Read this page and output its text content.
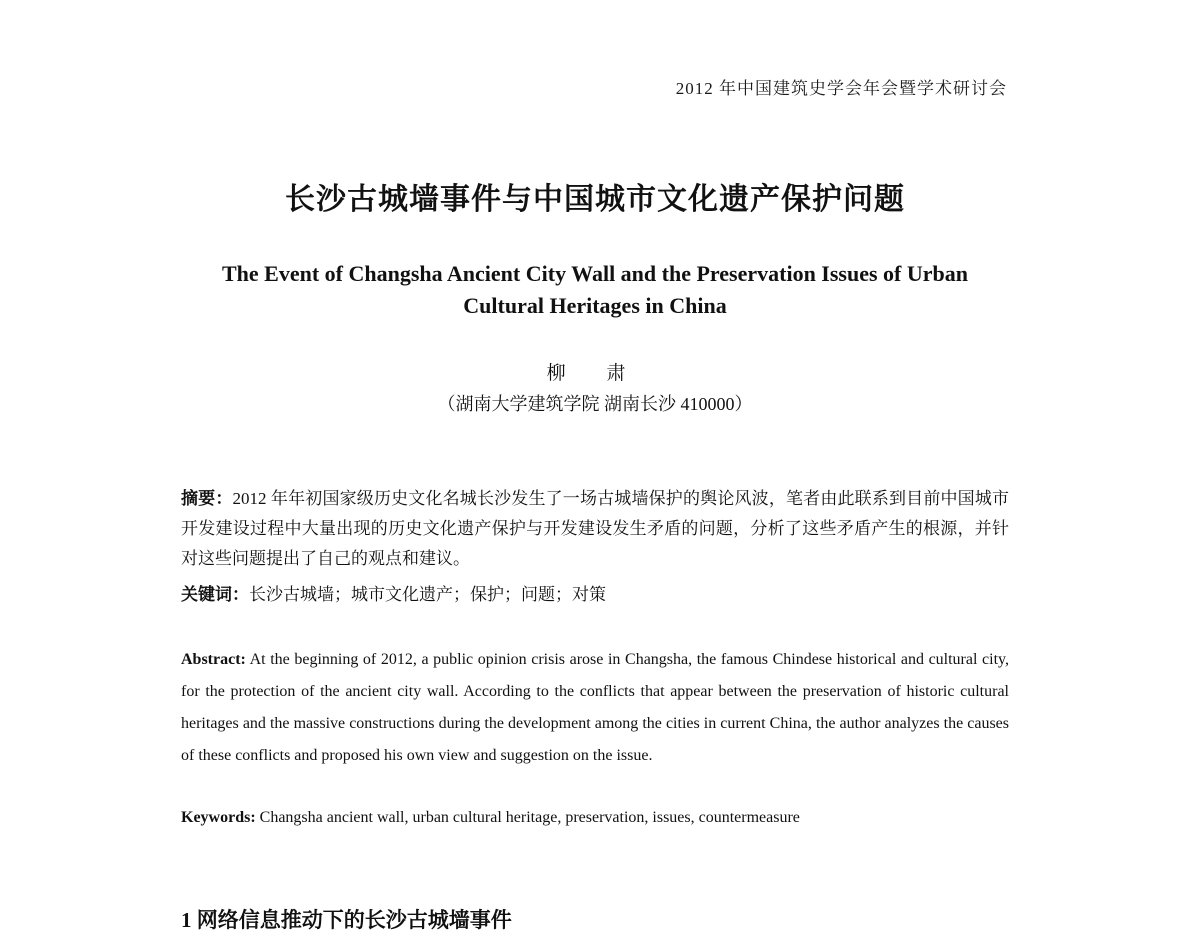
2012 年中国建筑史学会年会暨学术研讨会
长沙古城墙事件与中国城市文化遗产保护问题
The Event of Changsha Ancient City Wall and the Preservation Issues of Urban
Cultural Heritages in China
柳 肃
（湖南大学建筑学院 湖南长沙 410000）
摘要：2012 年年初国家级历史文化名城长沙发生了一场古城墙保护的舆论风波，笔者由此联系到目前中国城市开发建设过程中大量出现的历史文化遗产保护与开发建设发生矛盾的问题，分析了这些矛盾产生的根源，并针对这些问题提出了自己的观点和建议。
关键词：长沙古城墙；城市文化遗产；保护；问题；对策
Abstract: At the beginning of 2012, a public opinion crisis arose in Changsha, the famous Chindese historical and cultural city, for the protection of the ancient city wall. According to the conflicts that appear between the preservation of historic cultural heritages and the massive constructions during the development among the cities in current China, the author analyzes the causes of these conflicts and proposed his own view and suggestion on the issue.
Keywords: Changsha ancient wall, urban cultural heritage, preservation, issues, countermeasure
1 网络信息推动下的长沙古城墙事件
